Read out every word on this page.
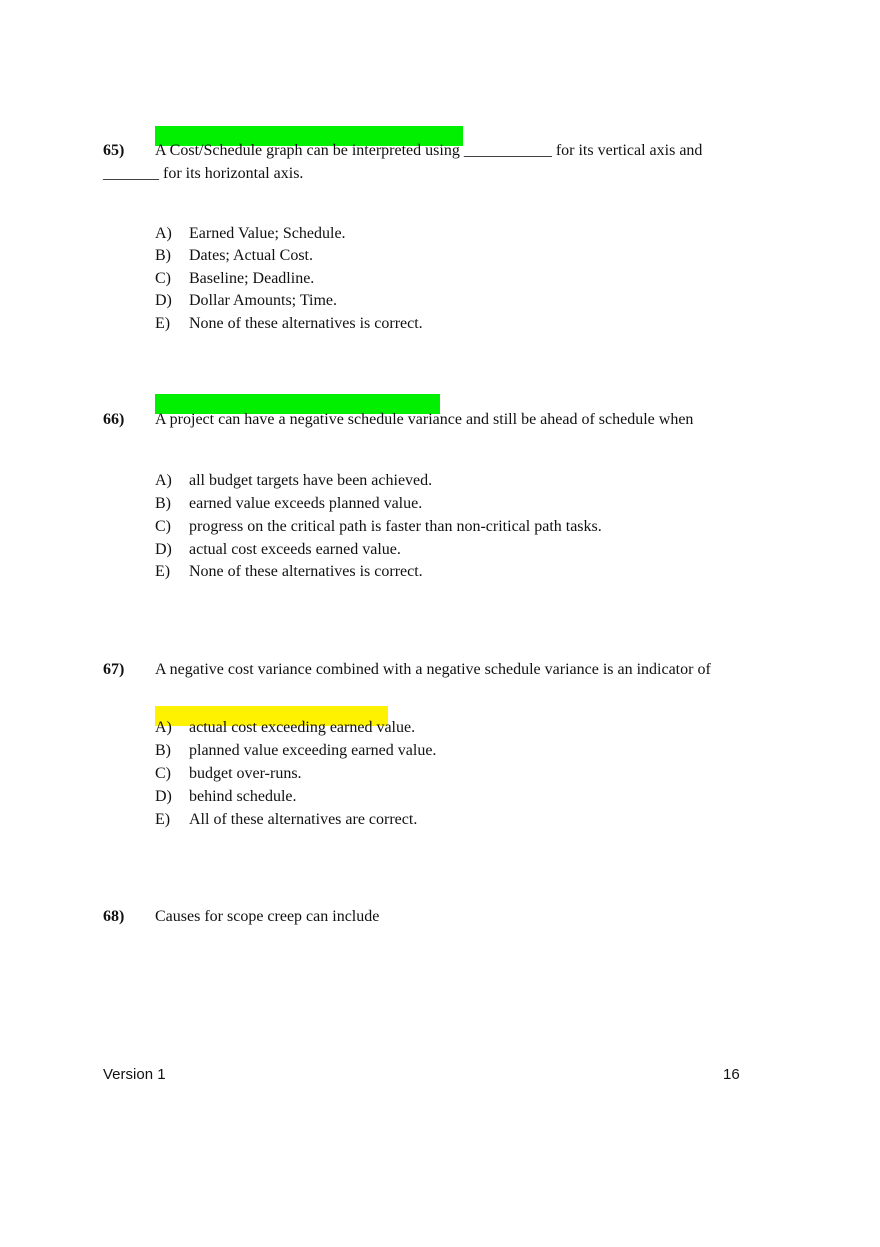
65) A Cost/Schedule graph can be interpreted using ___________ for its vertical axis and
_______ for its horizontal axis.
A) Earned Value; Schedule.
B) Dates; Actual Cost.
C) Baseline; Deadline.
D) Dollar Amounts; Time.
E) None of these alternatives is correct.
66) A project can have a negative schedule variance and still be ahead of schedule when
A) all budget targets have been achieved.
B) earned value exceeds planned value.
C) progress on the critical path is faster than non-critical path tasks.
D) actual cost exceeds earned value.
E) None of these alternatives is correct.
67) A negative cost variance combined with a negative schedule variance is an indicator of
A) actual cost exceeding earned value.
B) planned value exceeding earned value.
C) budget over-runs.
D) behind schedule.
E) All of these alternatives are correct.
68) Causes for scope creep can include
Version 1	16
